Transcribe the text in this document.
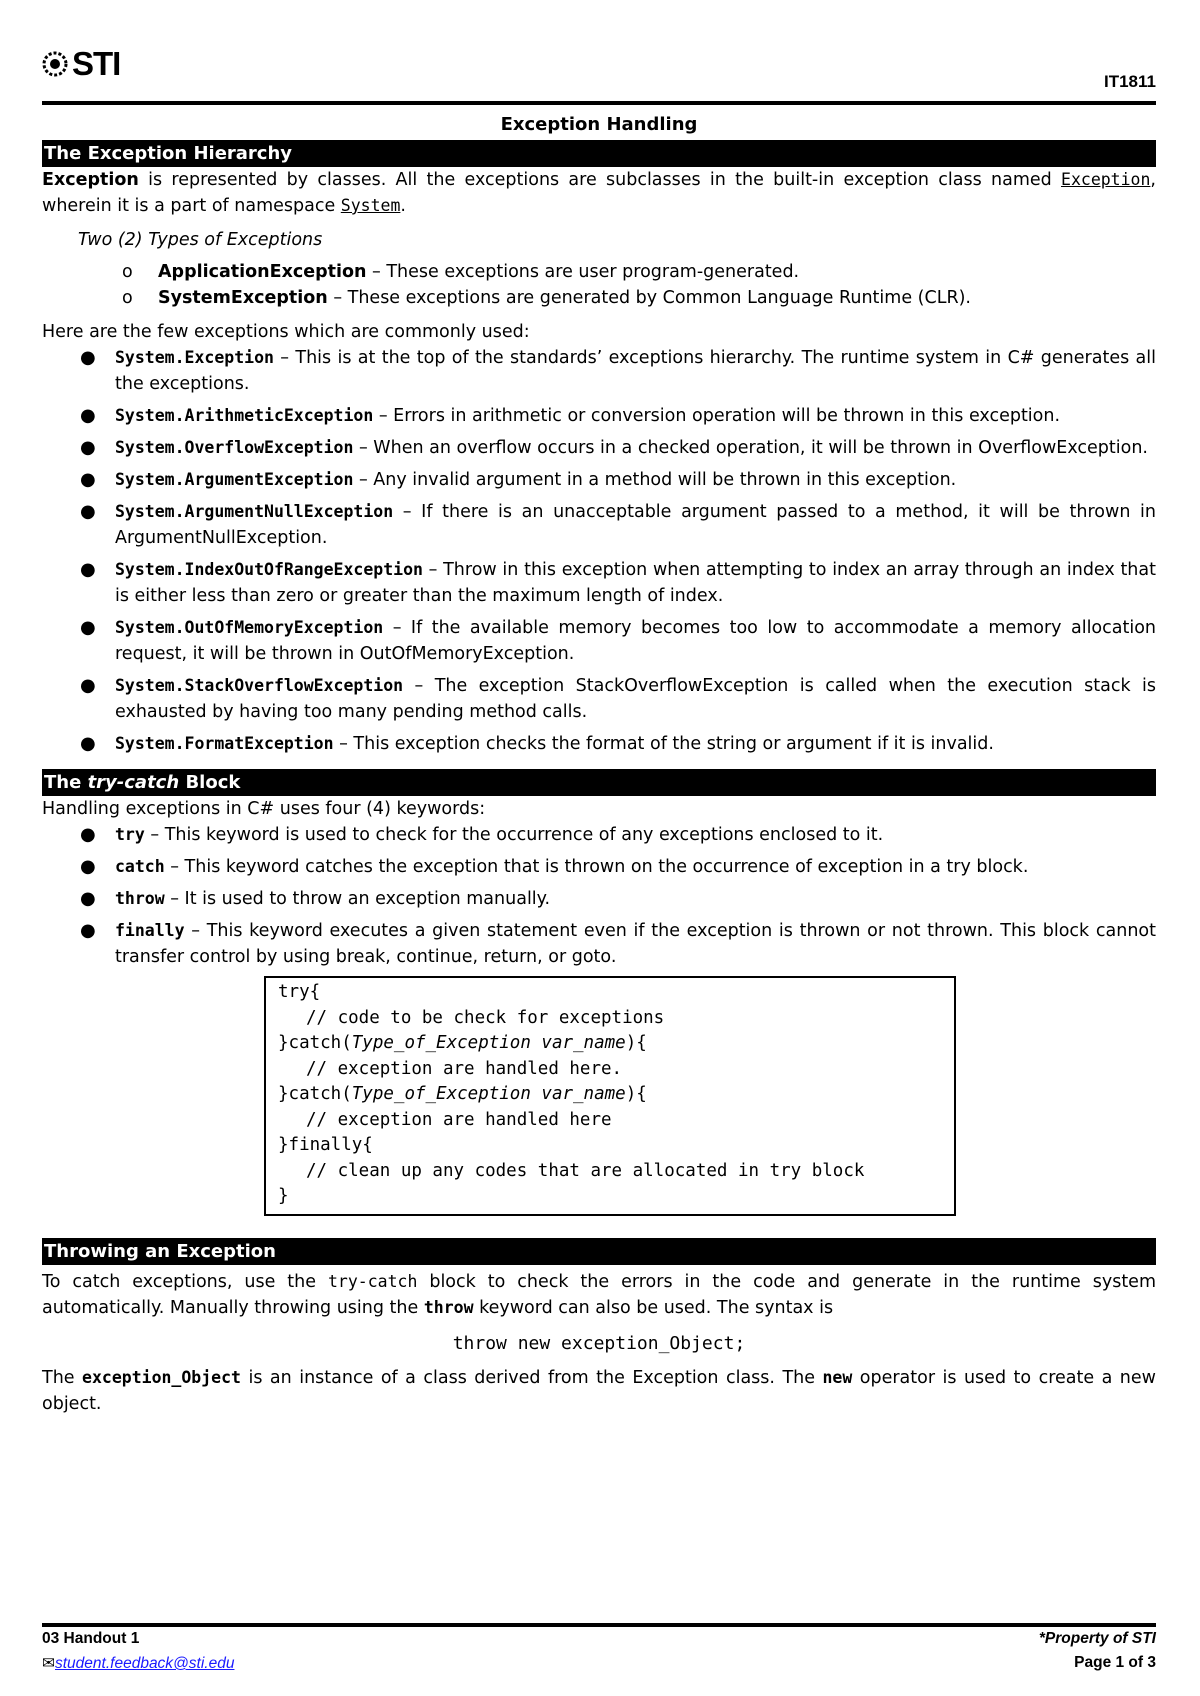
STI	IT1811
Exception Handling
The Exception Hierarchy

Exception is represented by classes. All the exceptions are subclasses in the built-in exception class named Exception, wherein it is a part of namespace System.

Two (2) Types of Exceptions

o ApplicationException – These exceptions are user program-generated.
o SystemException – These exceptions are generated by Common Language Runtime (CLR).

Here are the few exceptions which are commonly used:

● System.Exception – This is at the top of the standards’ exceptions hierarchy. The runtime system in C# generates all the exceptions.
● System.ArithmeticException – Errors in arithmetic or conversion operation will be thrown in this exception.
● System.OverflowException – When an overflow occurs in a checked operation, it will be thrown in OverflowException.
● System.ArgumentException – Any invalid argument in a method will be thrown in this exception.
● System.ArgumentNullException – If there is an unacceptable argument passed to a method, it will be thrown in ArgumentNullException.
● System.IndexOutOfRangeException – Throw in this exception when attempting to index an array through an index that is either less than zero or greater than the maximum length of index.
● System.OutOfMemoryException – If the available memory becomes too low to accommodate a memory allocation request, it will be thrown in OutOfMemoryException.
● System.StackOverflowException – The exception StackOverflowException is called when the execution stack is exhausted by having too many pending method calls.
● System.FormatException – This exception checks the format of the string or argument if it is invalid.
The try-catch Block

Handling exceptions in C# uses four (4) keywords:

● try – This keyword is used to check for the occurrence of any exceptions enclosed to it.
● catch – This keyword catches the exception that is thrown on the occurrence of exception in a try block.
● throw – It is used to throw an exception manually.
● finally – This keyword executes a given statement even if the exception is thrown or not thrown. This block cannot transfer control by using break, continue, return, or goto.
try{
// code to be check for exceptions
}catch(Type_of_Exception var_name){
// exception are handled here.
}catch(Type_of_Exception var_name){
// exception are handled here
}finally{
// clean up any codes that are allocated in try block
}
Throwing an Exception

To catch exceptions, use the try-catch block to check the errors in the code and generate in the runtime system automatically. Manually throwing using the throw keyword can also be used. The syntax is

throw new exception_Object;

The exception_Object is an instance of a class derived from the Exception class. The new operator is used to create a new object.

03 Handout 1
✉student.feedback@sti.edu
*Property of STI
Page 1 of 3
